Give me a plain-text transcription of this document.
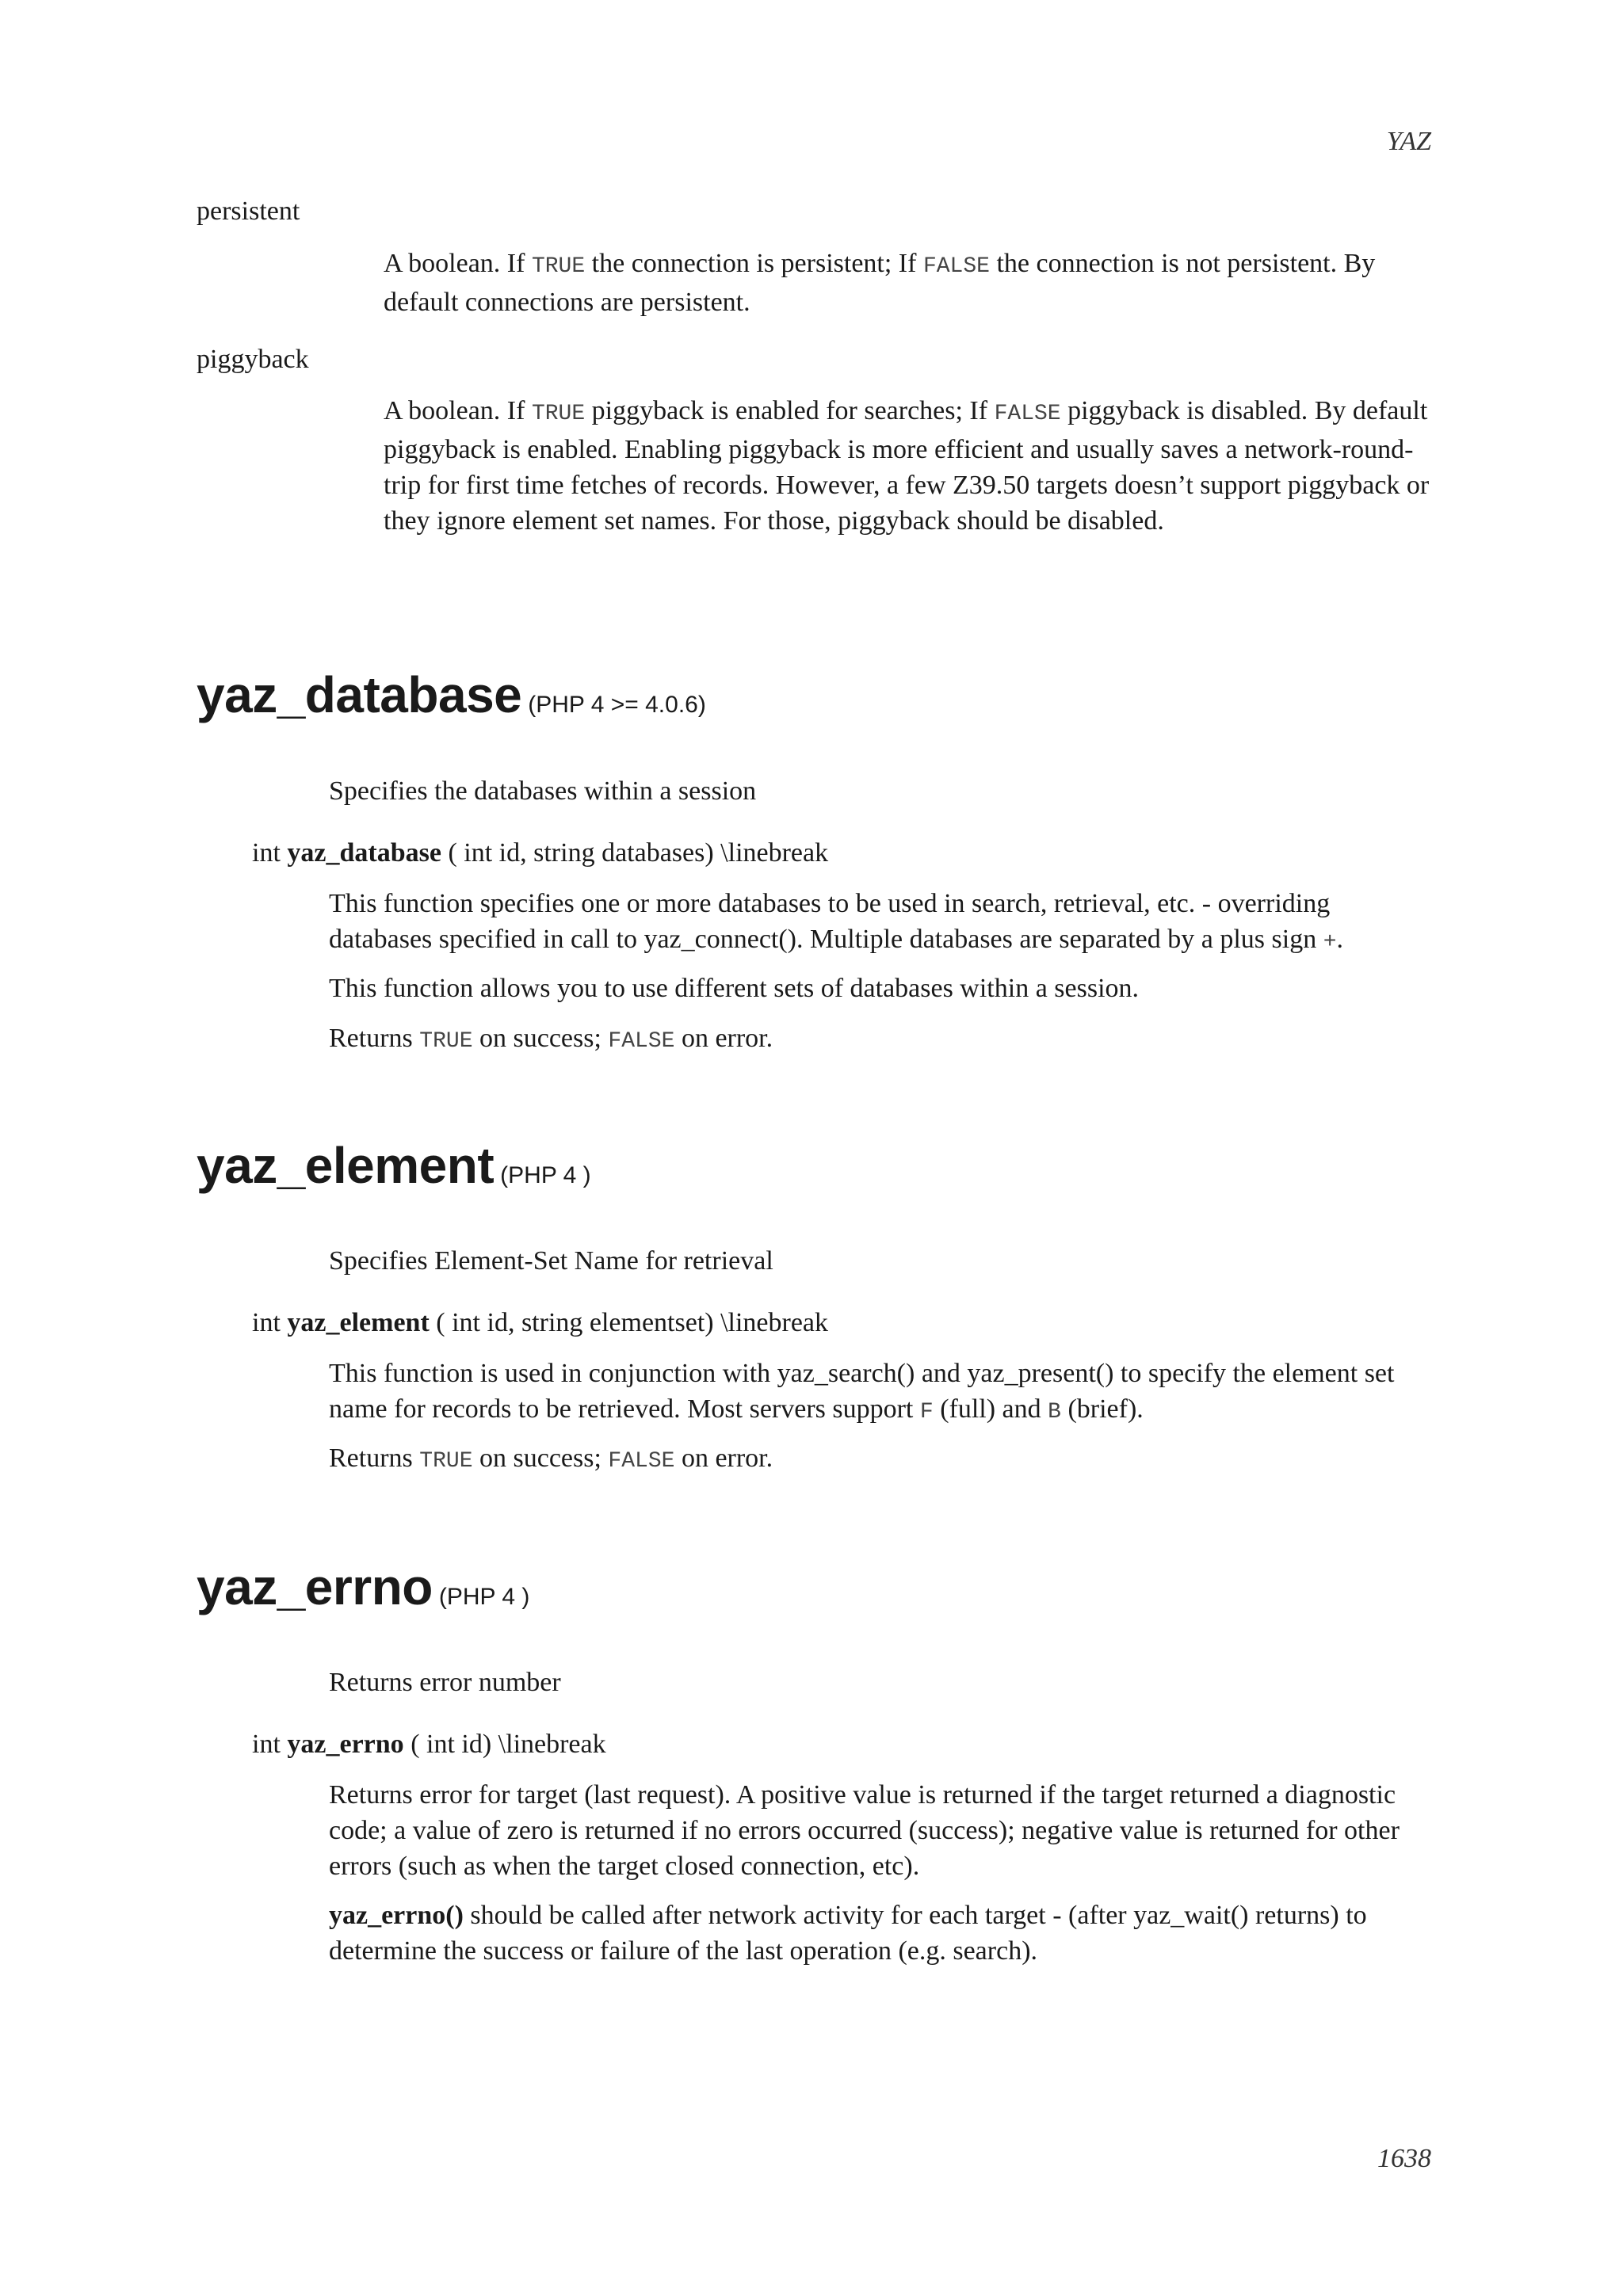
YAZ
persistent
A boolean. If TRUE the connection is persistent; If FALSE the connection is not persistent. By default connections are persistent.
piggyback
A boolean. If TRUE piggyback is enabled for searches; If FALSE piggyback is disabled. By default piggyback is enabled. Enabling piggyback is more efficient and usually saves a network-round-trip for first time fetches of records. However, a few Z39.50 targets doesn’t support piggyback or they ignore element set names. For those, piggyback should be disabled.
yaz_database (PHP 4 >= 4.0.6)
Specifies the databases within a session
int yaz_database ( int id, string databases) \linebreak
This function specifies one or more databases to be used in search, retrieval, etc. - overriding databases specified in call to yaz_connect(). Multiple databases are separated by a plus sign +.
This function allows you to use different sets of databases within a session.
Returns TRUE on success; FALSE on error.
yaz_element (PHP 4 )
Specifies Element-Set Name for retrieval
int yaz_element ( int id, string elementset) \linebreak
This function is used in conjunction with yaz_search() and yaz_present() to specify the element set name for records to be retrieved. Most servers support F (full) and B (brief).
Returns TRUE on success; FALSE on error.
yaz_errno (PHP 4 )
Returns error number
int yaz_errno ( int id) \linebreak
Returns error for target (last request). A positive value is returned if the target returned a diagnostic code; a value of zero is returned if no errors occurred (success); negative value is returned for other errors (such as when the target closed connection, etc).
yaz_errno() should be called after network activity for each target - (after yaz_wait() returns) to determine the success or failure of the last operation (e.g. search).
1638
